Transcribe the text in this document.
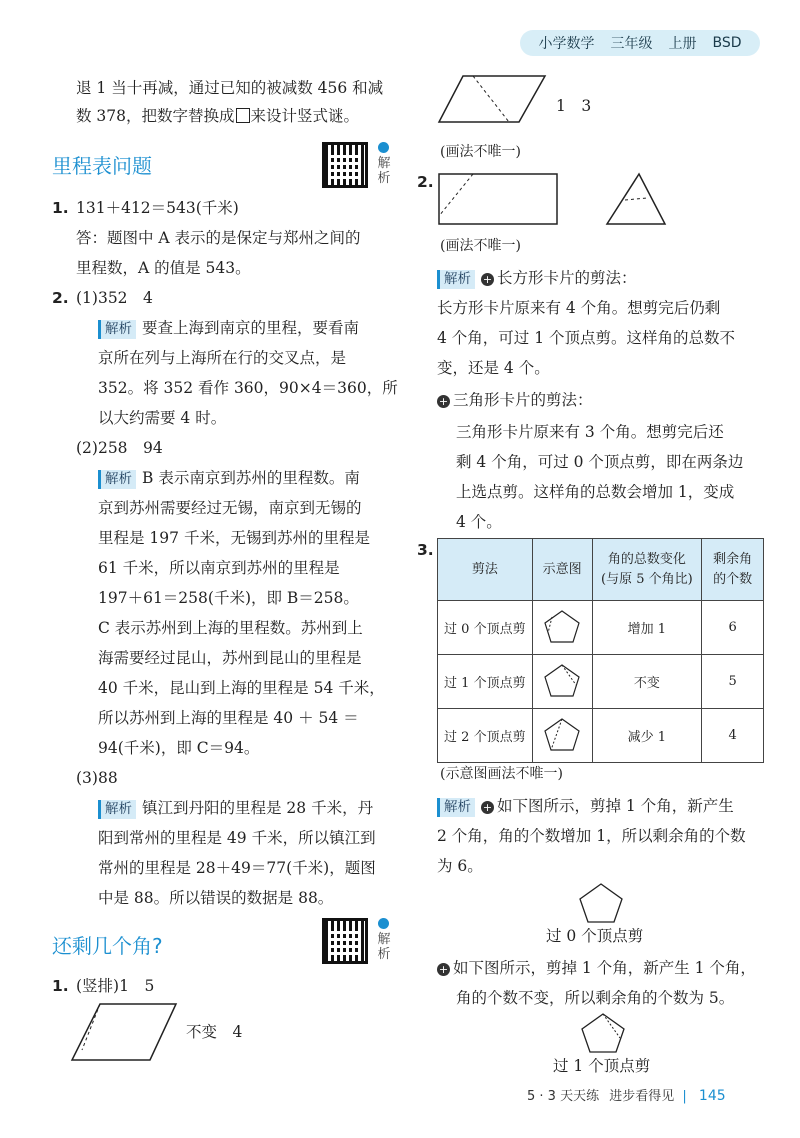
小学数学 三年级 上册 BSD
退 1 当十再减，通过已知的被减数 456 和减
数 378，把数字替换成 来设计竖式谜。
里程表问题	解析
1. 131＋412＝543(千米)
答：题图中 A 表示的是保定与郑州之间的
里程数，A 的值是 543。
2. (1)352　4
解析 要查上海到南京的里程，要看南
京所在列与上海所在行的交叉点，是
352。将 352 看作 360，90×4＝360，所
以大约需要 4 时。
(2)258　94
解析 B 表示南京到苏州的里程数。南
京到苏州需要经过无锡，南京到无锡的
里程是 197 千米，无锡到苏州的里程是
61 千米，所以南京到苏州的里程是
197＋61＝258(千米)，即 B＝258。
C 表示苏州到上海的里程数。苏州到上
海需要经过昆山，苏州到昆山的里程是
40 千米，昆山到上海的里程是 54 千米，
所以苏州到上海的里程是 40 ＋ 54 ＝
94(千米)，即 C＝94。
(3)88
解析 镇江到丹阳的里程是 28 千米，丹
阳到常州的里程是 49 千米，所以镇江到
常州的里程是 28＋49＝77(千米)，题图
中是 88。所以错误的数据是 88。
还剩几个角?	解析
1. (竖排)1　5
不变　4
1　3
(画法不唯一)
2.
(画法不唯一)
解析 + 长方形卡片的剪法：
长方形卡片原来有 4 个角。想剪完后仍剩
4 个角，可过 1 个顶点剪。这样角的总数不
变，还是 4 个。
+ 三角形卡片的剪法：
三角形卡片原来有 3 个角。想剪完后还
剩 4 个角，可过 0 个顶点剪，即在两条边
上选点剪。这样角的总数会增加 1，变成
4 个。
3.
剪法	示意图	角的总数变化
(与原 5 个角比)	剩余角
的个数
过 0 个顶点剪		增加 1	6
过 1 个顶点剪		不变	5
过 2 个顶点剪		减少 1	4
(示意图画法不唯一)
解析 + 如下图所示，剪掉 1 个角，新产生
2 个角，角的个数增加 1，所以剩余角的个数
为 6。
过 0 个顶点剪
+ 如下图所示，剪掉 1 个角，新产生 1 个角，
角的个数不变，所以剩余角的个数为 5。
过 1 个顶点剪
5 · 3 天天练 进步看得见 | 145
